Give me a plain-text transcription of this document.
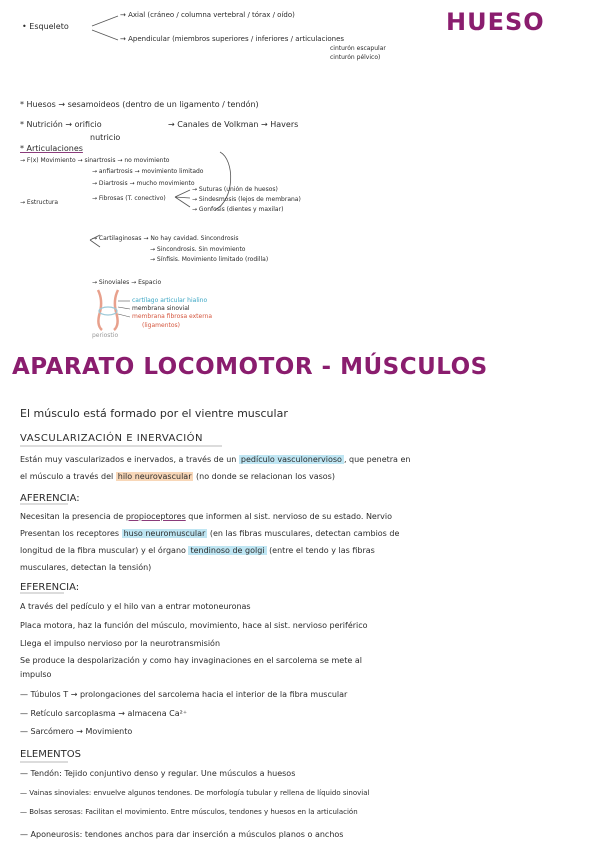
HUESO
• Esqueleto
→ Axial (cráneo / columna vertebral / tórax / oído)
→ Apendicular (miembros superiores / inferiores / articulaciones
cinturón escapular
cinturón pélvico)
* Huesos → sesamoideos (dentro de un ligamento / tendón)
* Nutrición → orificio
nutricio
→ Canales de Volkman → Havers
* Articulaciones
→ F(x) Movimiento → sinartrosis → no movimiento
→ anfiartrosis → movimiento limitado
→ Diartrosis → mucho movimiento
→ Estructura
→ Fibrosas (T. conectivo)
→ Suturas (unión de huesos)
→ Sindesmosis (lejos de membrana)
→ Gonfosis (dientes y maxilar)
→ Cartilaginosas → No hay cavidad. Sincondrosis
→ Sincondrosis. Sin movimiento
→ Sínfisis. Movimiento limitado (rodilla)
→ Sinoviales → Espacio
cartílago articular hialino
membrana sinovial
periostio
membrana fibrosa externa
(ligamentos)
APARATO LOCOMOTOR - MÚSCULOS
El músculo está formado por el vientre muscular
VASCULARIZACIÓN E INERVACIÓN
Están muy vascularizados e inervados, a través de un pedículo vasculonervioso , que penetra en
el músculo a través del hilo neurovascular (no donde se relacionan los vasos)
AFERENCIA:
Necesitan la presencia de propioceptores que informen al sist. nervioso de su estado. Nervio
Presentan los receptores huso neuromuscular (en las fibras musculares, detectan cambios de
longitud de la fibra muscular) y el órgano tendinoso de golgi (entre el tendo y las fibras
musculares, detectan la tensión)
EFERENCIA:
A través del pedículo y el hilo van a entrar motoneuronas
Placa motora, haz la función del músculo, movimiento, hace al sist. nervioso periférico
Llega el impulso nervioso por la neurotransmisión
Se produce la despolarización y como hay invaginaciones en el sarcolema se mete al
impulso
— Túbulos T → prolongaciones del sarcolema hacia el interior de la fibra muscular
— Retículo sarcoplasma → almacena Ca²⁺
— Sarcómero → Movimiento
ELEMENTOS
— Tendón: Tejido conjuntivo denso y regular. Une músculos a huesos
— Vainas sinoviales: envuelve algunos tendones. De morfología tubular y rellena de líquido sinovial
— Bolsas serosas: Facilitan el movimiento. Entre músculos, tendones y huesos en la articulación
— Aponeurosis: tendones anchos para dar inserción a músculos planos o anchos
